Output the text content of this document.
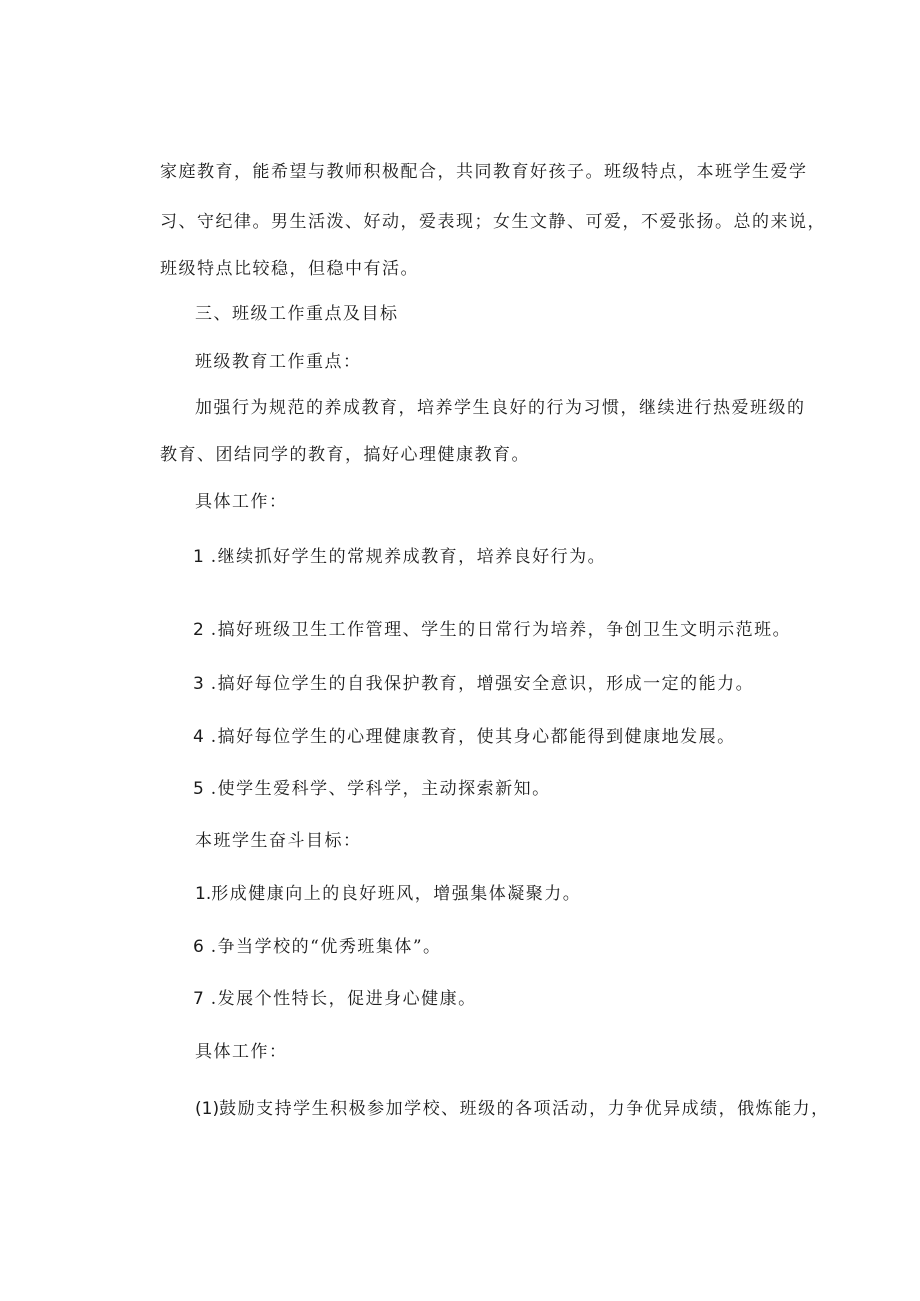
家庭教育，能希望与教师积极配合，共同教育好孩子。班级特点，本班学生爱学
习、守纪律。男生活泼、好动，爱表现；女生文静、可爱，不爱张扬。总的来说，
班级特点比较稳，但稳中有活。
三、班级工作重点及目标
班级教育工作重点：
加强行为规范的养成教育，培养学生良好的行为习惯，继续进行热爱班级的
教育、团结同学的教育，搞好心理健康教育。
具体工作：
1 .继续抓好学生的常规养成教育，培养良好行为。
2 .搞好班级卫生工作管理、学生的日常行为培养，争创卫生文明示范班。
3 .搞好每位学生的自我保护教育，增强安全意识，形成一定的能力。
4 .搞好每位学生的心理健康教育，使其身心都能得到健康地发展。
5 .使学生爱科学、学科学，主动探索新知。
本班学生奋斗目标：
1.形成健康向上的良好班风，增强集体凝聚力。
6 .争当学校的“优秀班集体”。
7 .发展个性特长，促进身心健康。
具体工作：
(1)鼓励支持学生积极参加学校、班级的各项活动，力争优异成绩，俄炼能力，
